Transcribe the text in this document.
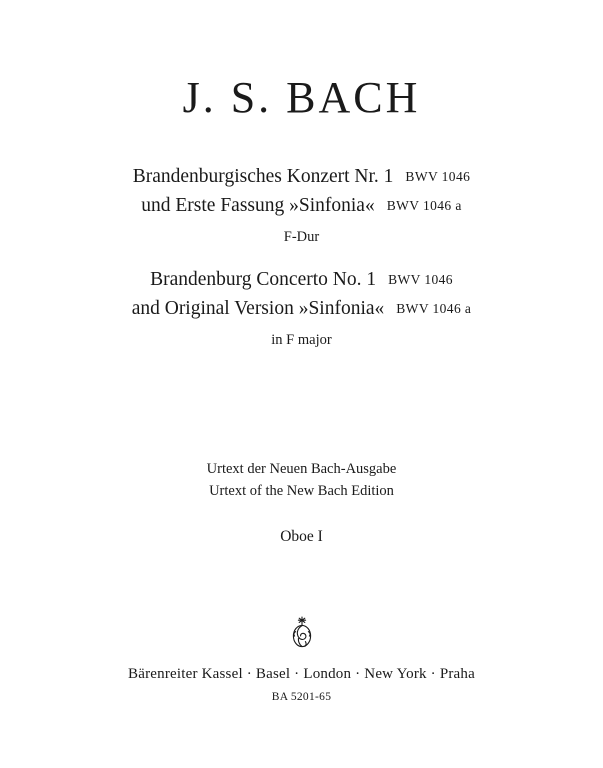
J. S. BACH
Brandenburgisches Konzert Nr. 1 BWV 1046
und Erste Fassung »Sinfonia« BWV 1046 a
F-Dur
Brandenburg Concerto No. 1 BWV 1046
and Original Version »Sinfonia« BWV 1046 a
in F major
Urtext der Neuen Bach-Ausgabe
Urtext of the New Bach Edition
Oboe I
Bärenreiter Kassel · Basel · London · New York · Praha
BA 5201-65
